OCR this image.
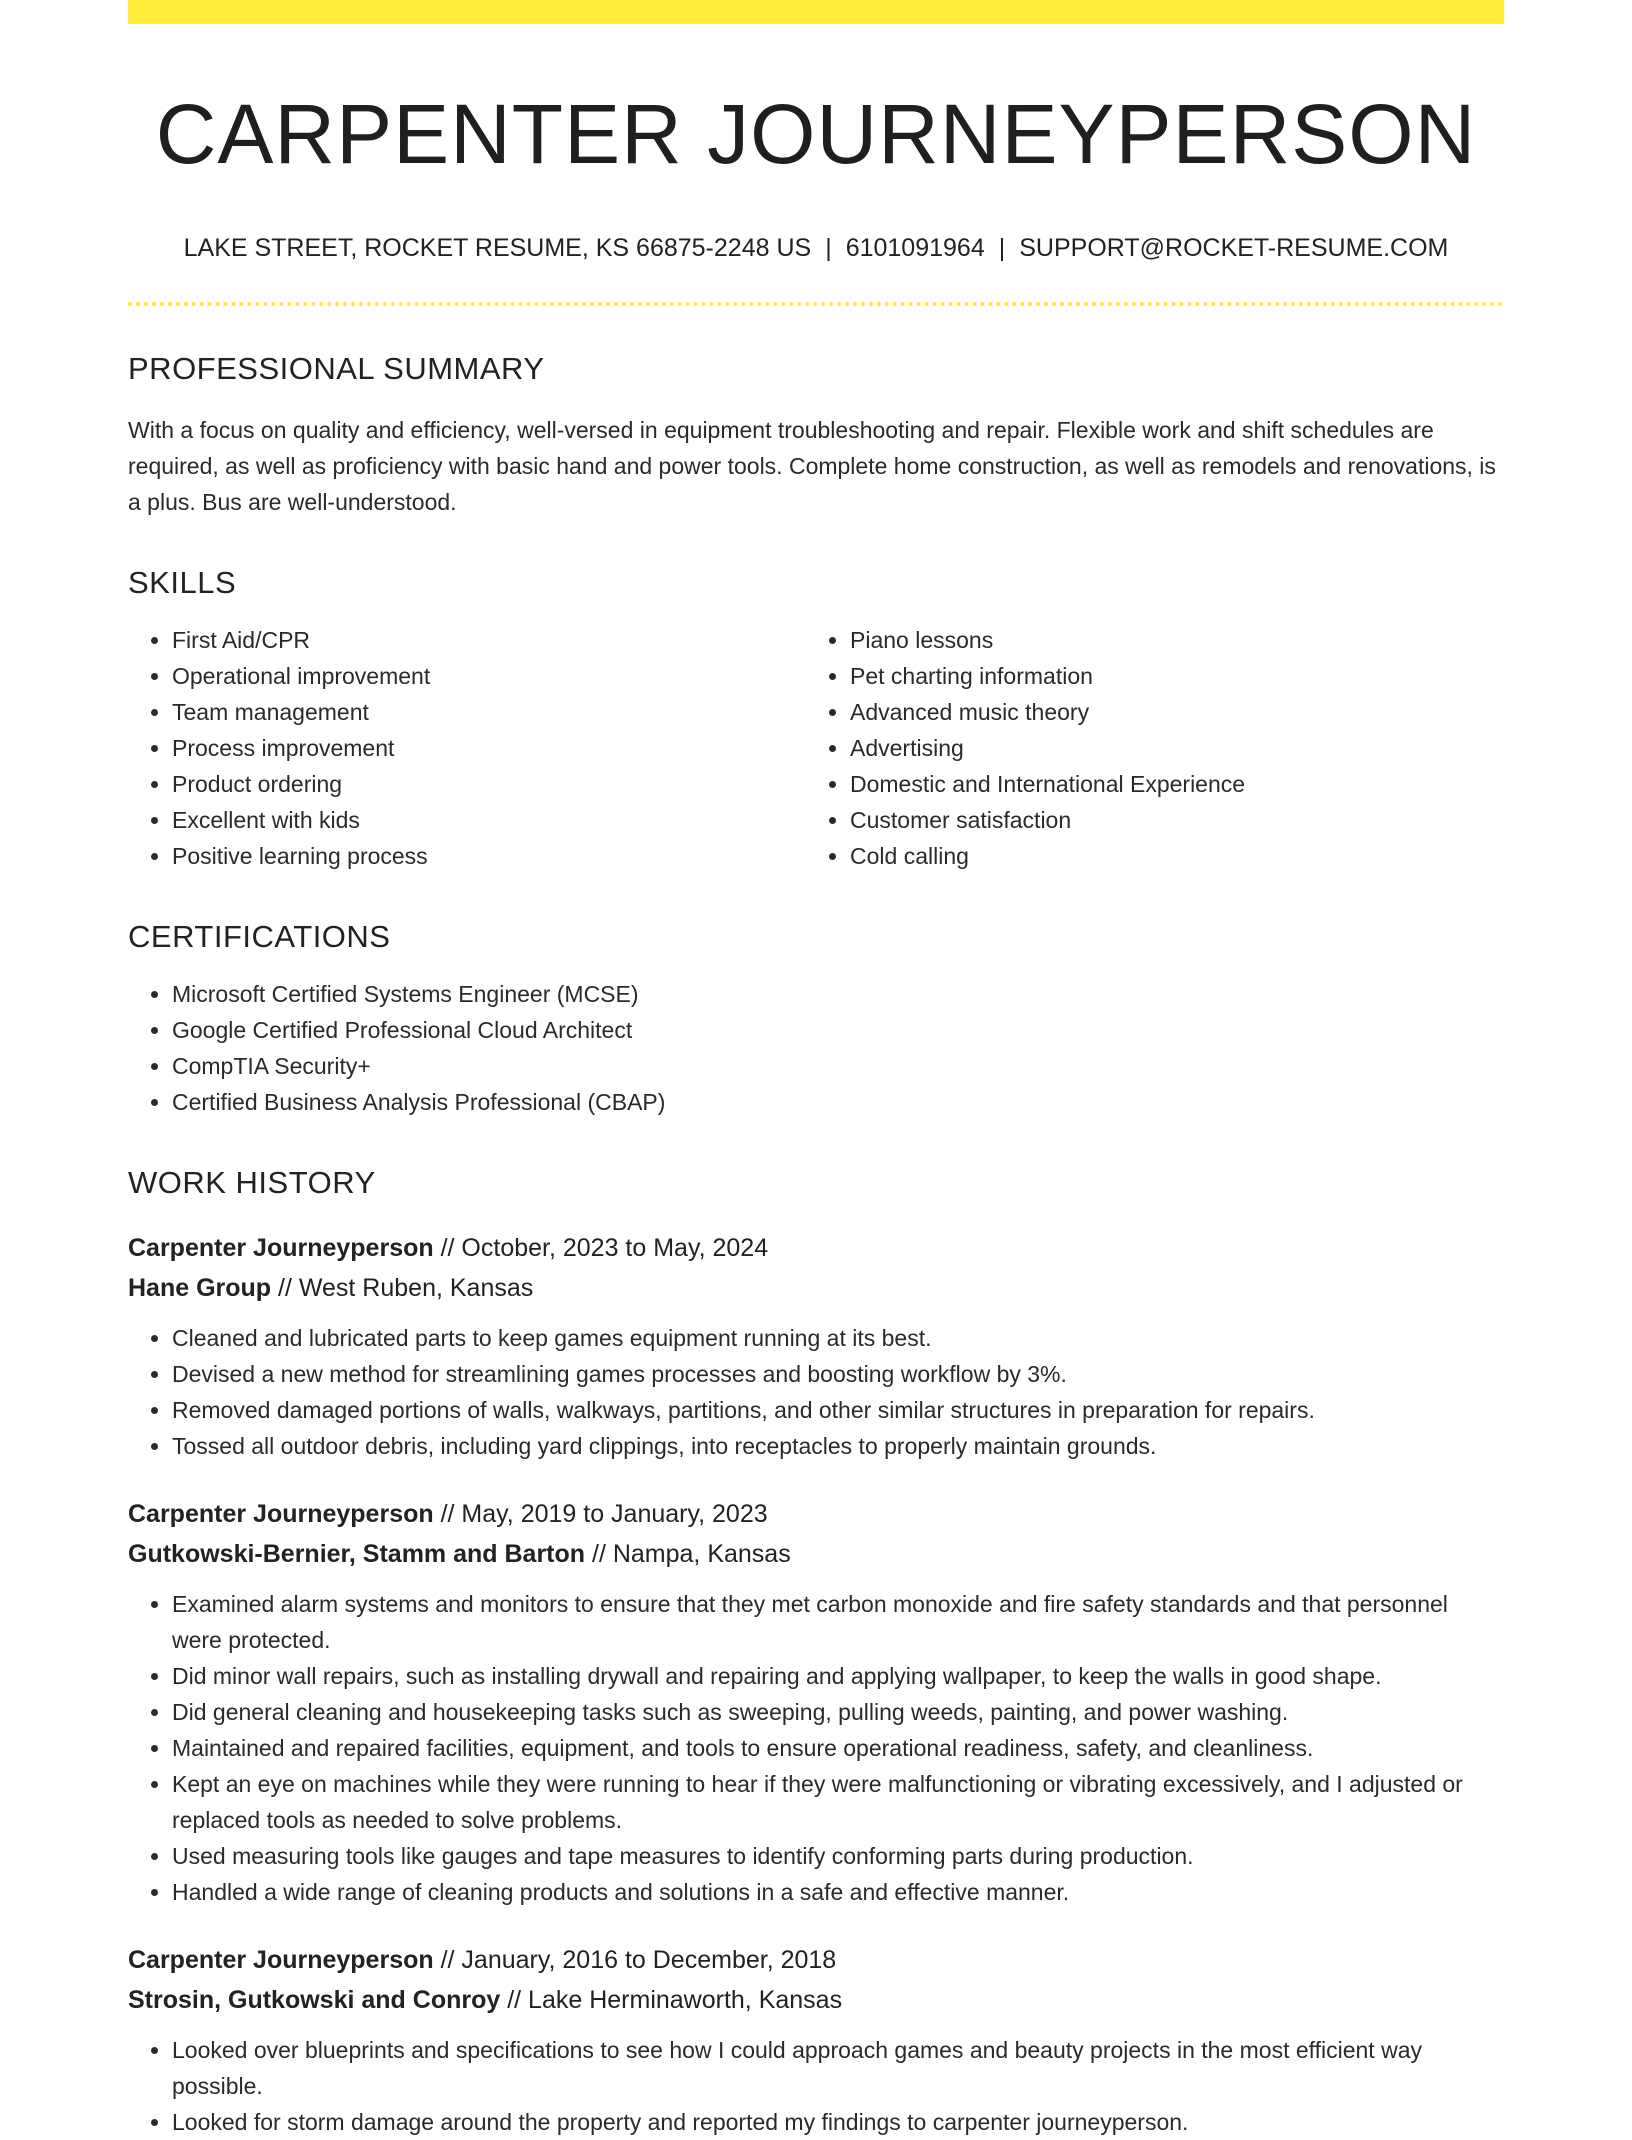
CARPENTER JOURNEYPERSON
LAKE STREET, ROCKET RESUME, KS 66875-2248 US | 6101091964 | SUPPORT@ROCKET-RESUME.COM
PROFESSIONAL SUMMARY

With a focus on quality and efficiency, well-versed in equipment troubleshooting and repair. Flexible work and shift schedules are required, as well as proficiency with basic hand and power tools. Complete home construction, as well as remodels and renovations, is a plus. Bus are well-understood.

SKILLS
• First Aid/CPR
• Operational improvement
• Team management
• Process improvement
• Product ordering
• Excellent with kids
• Positive learning process
• Piano lessons
• Pet charting information
• Advanced music theory
• Advertising
• Domestic and International Experience
• Customer satisfaction
• Cold calling
CERTIFICATIONS
• Microsoft Certified Systems Engineer (MCSE)
• Google Certified Professional Cloud Architect
• CompTIA Security+
• Certified Business Analysis Professional (CBAP)
WORK HISTORY
Carpenter Journeyperson // October, 2023 to May, 2024
Hane Group // West Ruben, Kansas
• Cleaned and lubricated parts to keep games equipment running at its best.
• Devised a new method for streamlining games processes and boosting workflow by 3%.
• Removed damaged portions of walls, walkways, partitions, and other similar structures in preparation for repairs.
• Tossed all outdoor debris, including yard clippings, into receptacles to properly maintain grounds.
Carpenter Journeyperson // May, 2019 to January, 2023
Gutkowski-Bernier, Stamm and Barton // Nampa, Kansas
• Examined alarm systems and monitors to ensure that they met carbon monoxide and fire safety standards and that personnel were protected.
• Did minor wall repairs, such as installing drywall and repairing and applying wallpaper, to keep the walls in good shape.
• Did general cleaning and housekeeping tasks such as sweeping, pulling weeds, painting, and power washing.
• Maintained and repaired facilities, equipment, and tools to ensure operational readiness, safety, and cleanliness.
• Kept an eye on machines while they were running to hear if they were malfunctioning or vibrating excessively, and I adjusted or replaced tools as needed to solve problems.
• Used measuring tools like gauges and tape measures to identify conforming parts during production.
• Handled a wide range of cleaning products and solutions in a safe and effective manner.
Carpenter Journeyperson // January, 2016 to December, 2018
Strosin, Gutkowski and Conroy // Lake Herminaworth, Kansas
• Looked over blueprints and specifications to see how I could approach games and beauty projects in the most efficient way possible.
• Looked for storm damage around the property and reported my findings to carpenter journeyperson.
